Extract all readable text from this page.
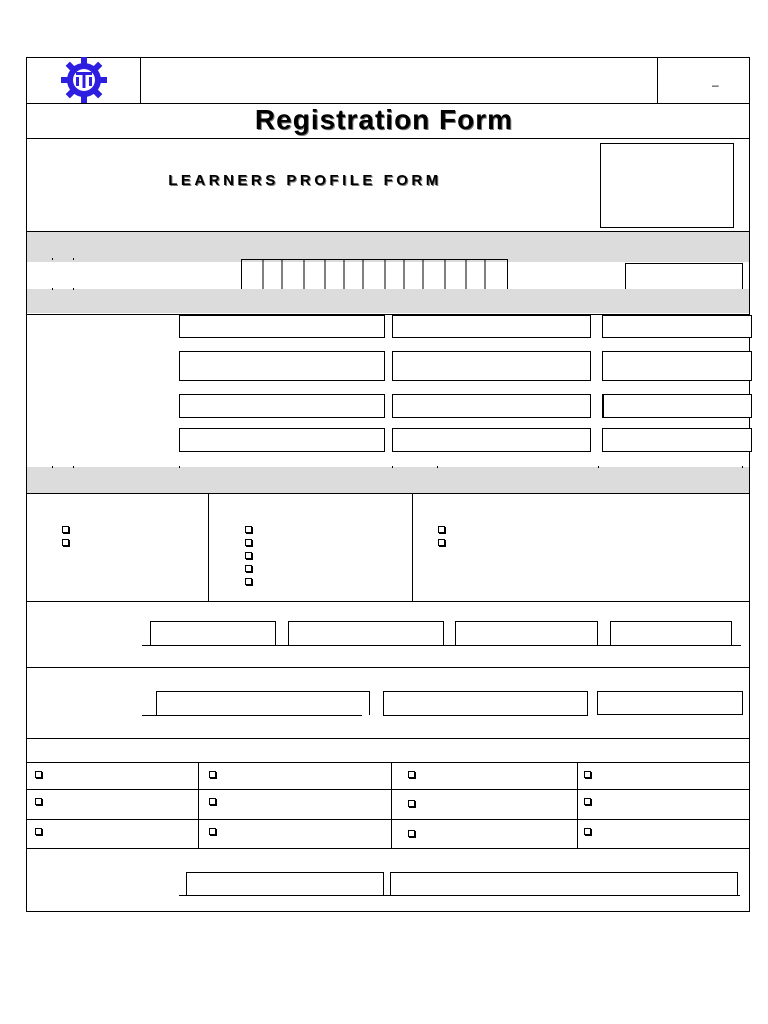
–
Registration Form
LEARNERS PROFILE FORM
